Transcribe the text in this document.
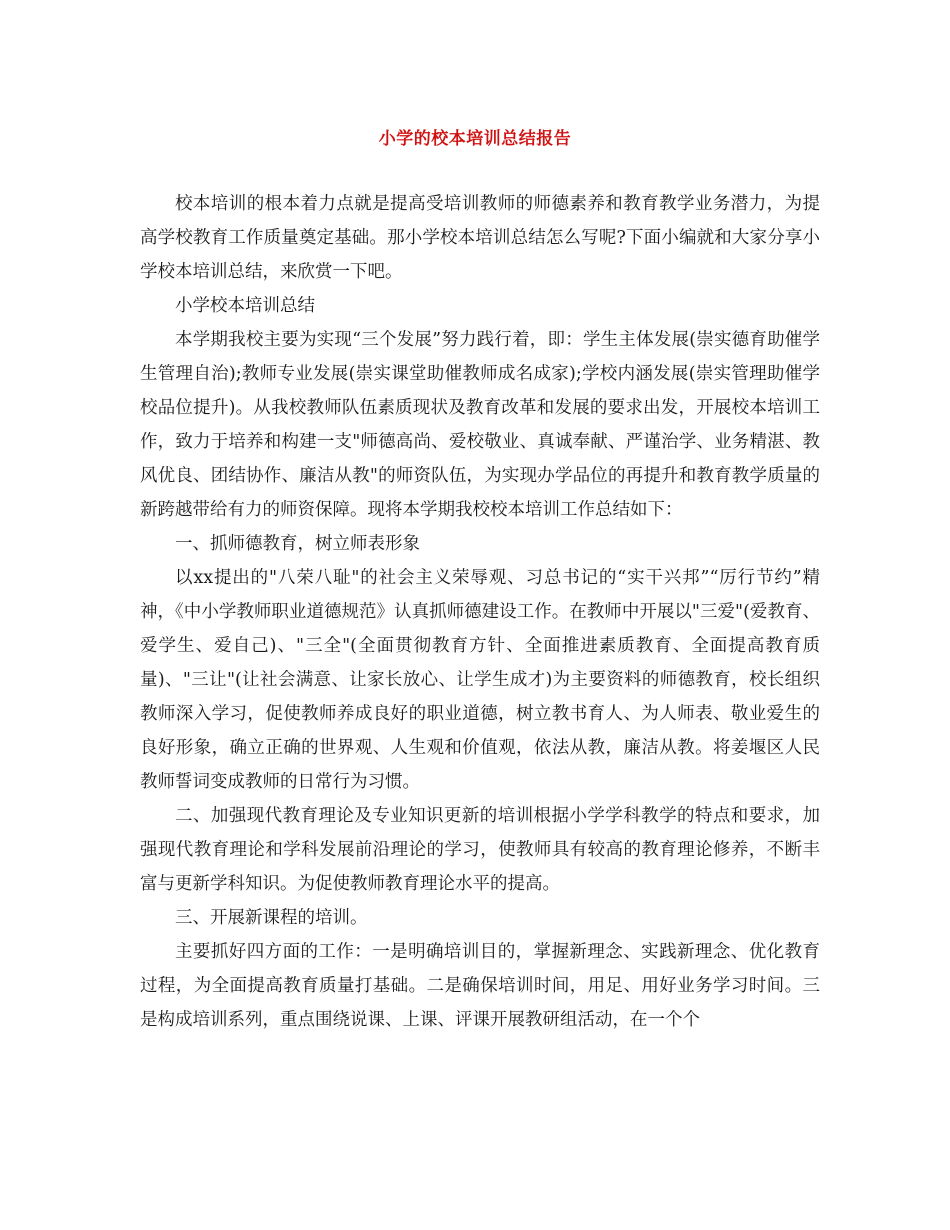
小学的校本培训总结报告

校本培训的根本着力点就是提高受培训教师的师德素养和教育教学业务潜力，为提高学校教育工作质量奠定基础。那小学校本培训总结怎么写呢?下面小编就和大家分享小学校本培训总结，来欣赏一下吧。

小学校本培训总结

本学期我校主要为实现“三个发展”努力践行着，即：学生主体发展(崇实德育助催学生管理自治);教师专业发展(崇实课堂助催教师成名成家);学校内涵发展(崇实管理助催学校品位提升)。从我校教师队伍素质现状及教育改革和发展的要求出发，开展校本培训工作，致力于培养和构建一支"师德高尚、爱校敬业、真诚奉献、严谨治学、业务精湛、教风优良、团结协作、廉洁从教"的师资队伍，为实现办学品位的再提升和教育教学质量的新跨越带给有力的师资保障。现将本学期我校校本培训工作总结如下：

一、抓师德教育，树立师表形象

以xx提出的"八荣八耻"的社会主义荣辱观、习总书记的“实干兴邦”“厉行节约”精神，《中小学教师职业道德规范》认真抓师德建设工作。在教师中开展以"三爱"(爱教育、爱学生、爱自己)、"三全"(全面贯彻教育方针、全面推进素质教育、全面提高教育质量)、"三让"(让社会满意、让家长放心、让学生成才)为主要资料的师德教育，校长组织教师深入学习，促使教师养成良好的职业道德，树立教书育人、为人师表、敬业爱生的良好形象，确立正确的世界观、人生观和价值观，依法从教，廉洁从教。将姜堰区人民教师誓词变成教师的日常行为习惯。

二、加强现代教育理论及专业知识更新的培训根据小学学科教学的特点和要求，加强现代教育理论和学科发展前沿理论的学习，使教师具有较高的教育理论修养，不断丰富与更新学科知识。为促使教师教育理论水平的提高。

三、开展新课程的培训。

主要抓好四方面的工作：一是明确培训目的，掌握新理念、实践新理念、优化教育过程，为全面提高教育质量打基础。二是确保培训时间，用足、用好业务学习时间。三是构成培训系列，重点围绕说课、上课、评课开展教研组活动，在一个个
